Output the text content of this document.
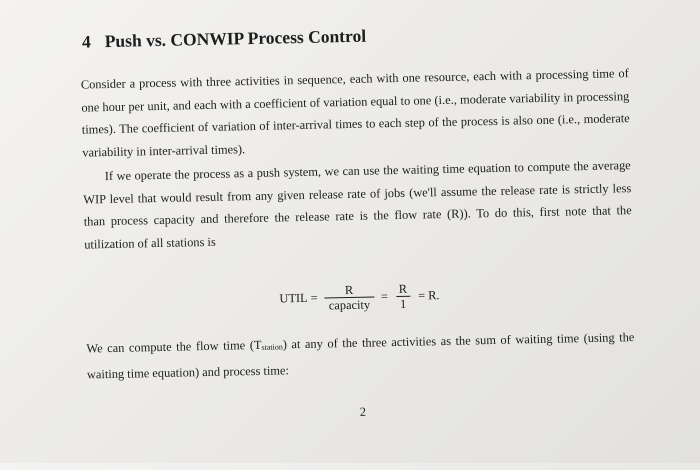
4 Push vs. CONWIP Process Control
Consider a process with three activities in sequence, each with one resource, each with a processing time of one hour per unit, and each with a coefficient of variation equal to one (i.e., moderate variability in processing times). The coefficient of variation of inter-arrival times to each step of the process is also one (i.e., moderate variability in inter-arrival times).
If we operate the process as a push system, we can use the waiting time equation to compute the average WIP level that would result from any given release rate of jobs (we'll assume the release rate is strictly less than process capacity and therefore the release rate is the flow rate (R)). To do this, first note that the utilization of all stations is
UTIL = $\frac{R}{\text{capacity}} = \frac{R}{1} = R$.
We can compute the flow time (Tstation) at any of the three activities as the sum of waiting time (using the waiting time equation) and process time:
2
